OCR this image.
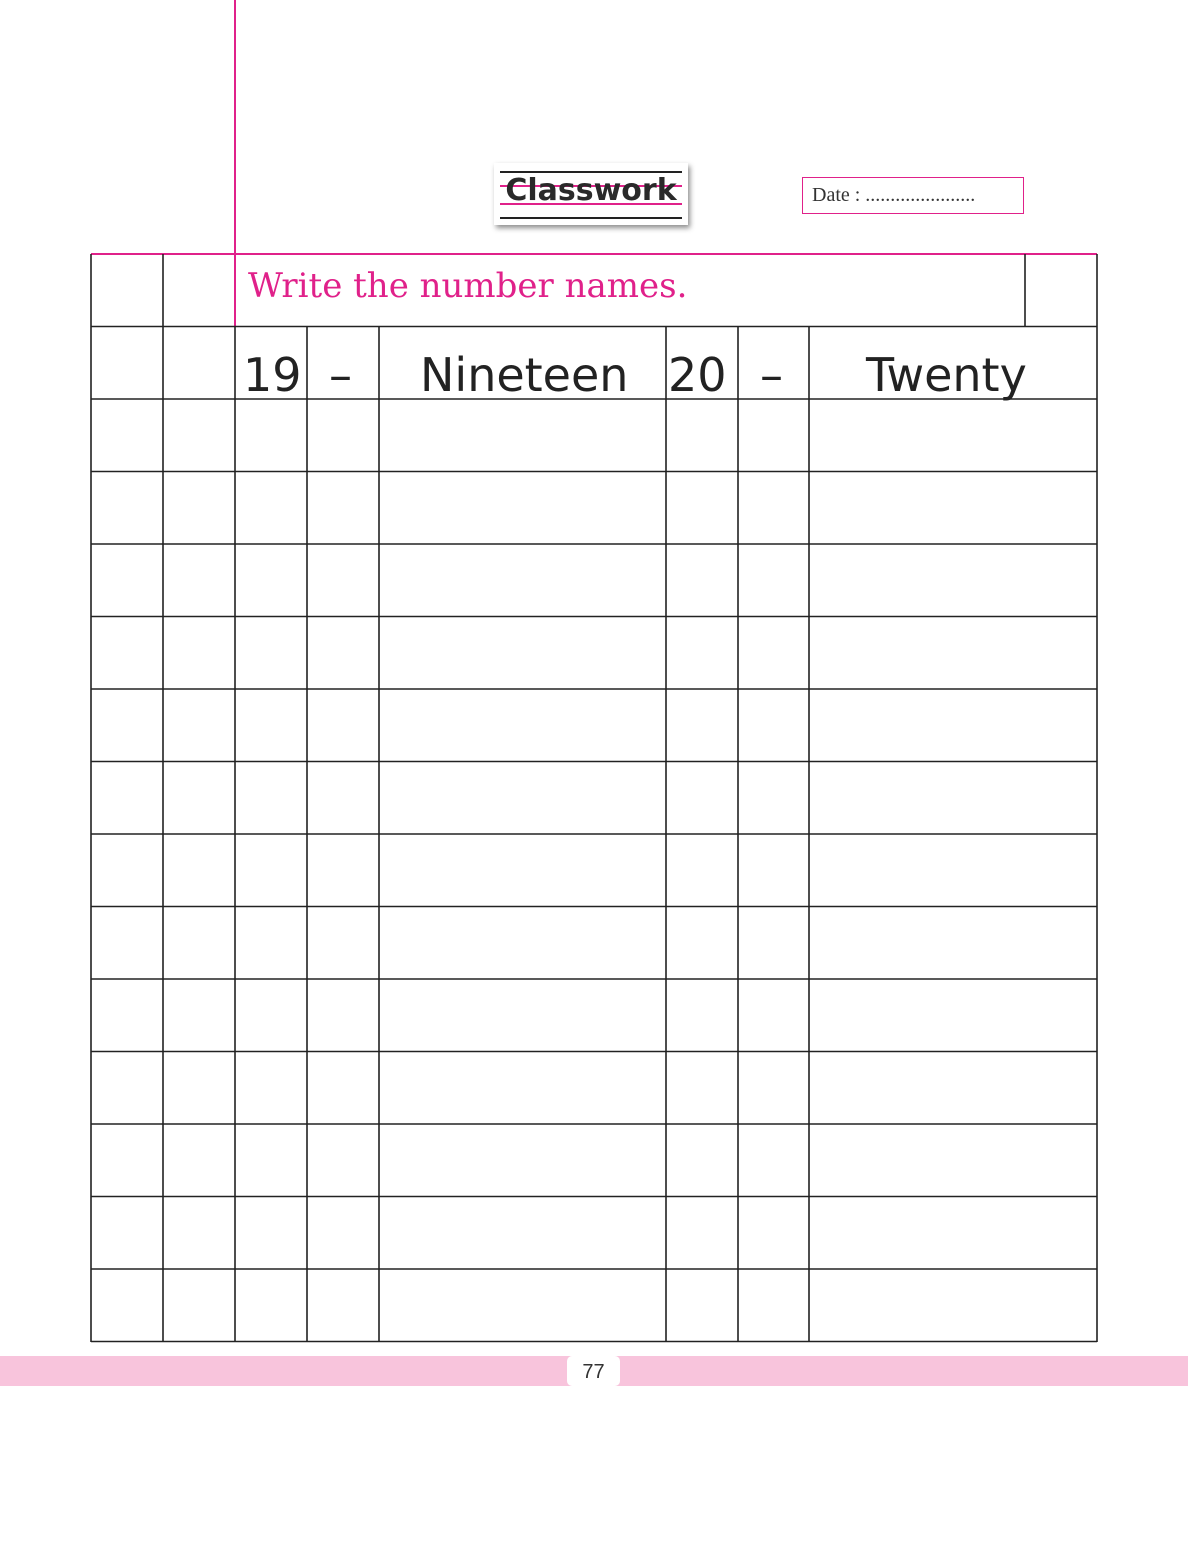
Classwork	Date : ......................
Write the number names.
19 – Nineteen 20 – Twenty
77
